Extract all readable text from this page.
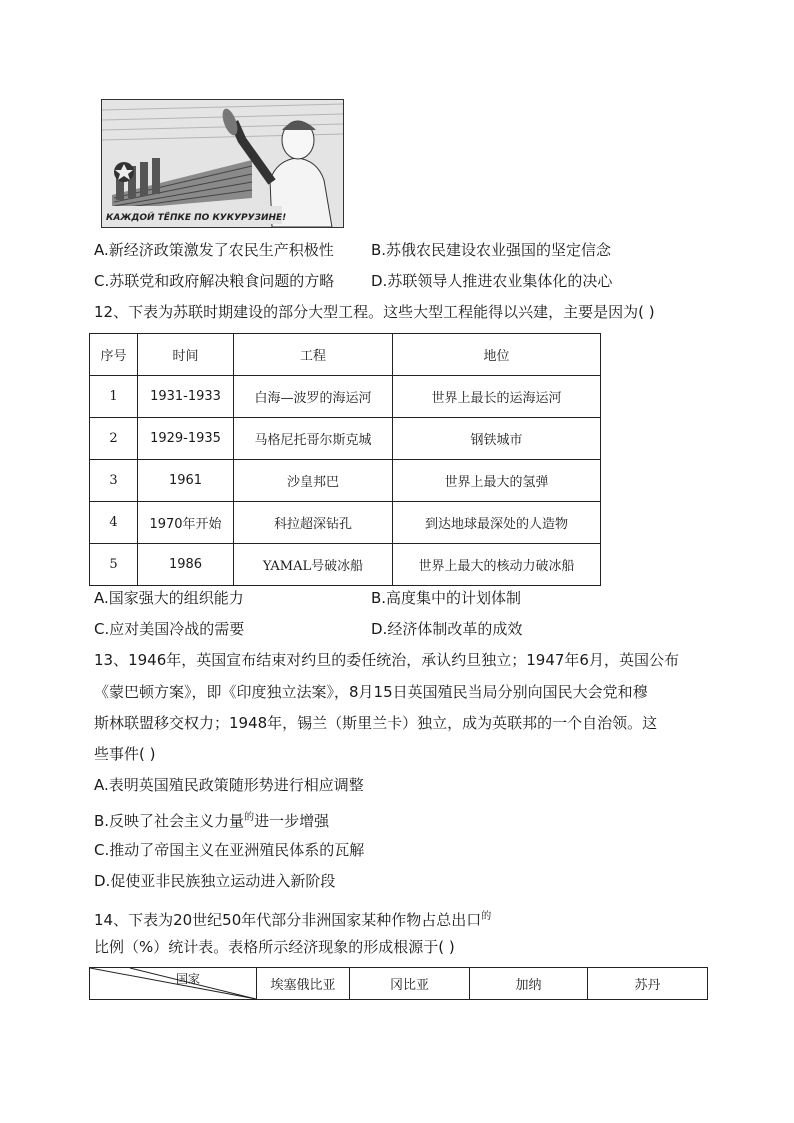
КАЖДОЙ ТЁПКЕ ПО КУКУРУЗИНЕ!
A.新经济政策激发了农民生产积极性 B.苏俄农民建设农业强国的坚定信念
C.苏联党和政府解决粮食问题的方略 D.苏联领导人推进农业集体化的决心
12、下表为苏联时期建设的部分大型工程。这些大型工程能得以兴建，主要是因为( )
序号	时间	工程	地位
1	1931-1933	白海—波罗的海运河	世界上最长的运海运河
2	1929-1935	马格尼托哥尔斯克城	钢铁城市
3	1961	沙皇邦巴	世界上最大的氢弹
4	1970年开始	科拉超深钻孔	到达地球最深处的人造物
5	1986	YAMAL号破冰船	世界上最大的核动力破冰船
A.国家强大的组织能力	B.高度集中的计划体制
C.应对美国冷战的需要	D.经济体制改革的成效
13、1946年，英国宣布结束对约旦的委任统治，承认约旦独立；1947年6月，英国公布
《蒙巴顿方案》，即《印度独立法案》，8月15日英国殖民当局分别向国民大会党和穆
斯林联盟移交权力；1948年，锡兰（斯里兰卡）独立，成为英联邦的一个自治领。这
些事件( )
A.表明英国殖民政策随形势进行相应调整
B.反映了社会主义力量$^的$进一步增强
C.推动了帝国主义在亚洲殖民体系的瓦解
D.促使亚非民族独立运动进入新阶段
14、下表为20世纪50年代部分非洲国家某种作物占总出口$^的$
比例（%）统计表。表格所示经济现象的形成根源于( )
国家	埃塞俄比亚	冈比亚	加纳	苏丹
